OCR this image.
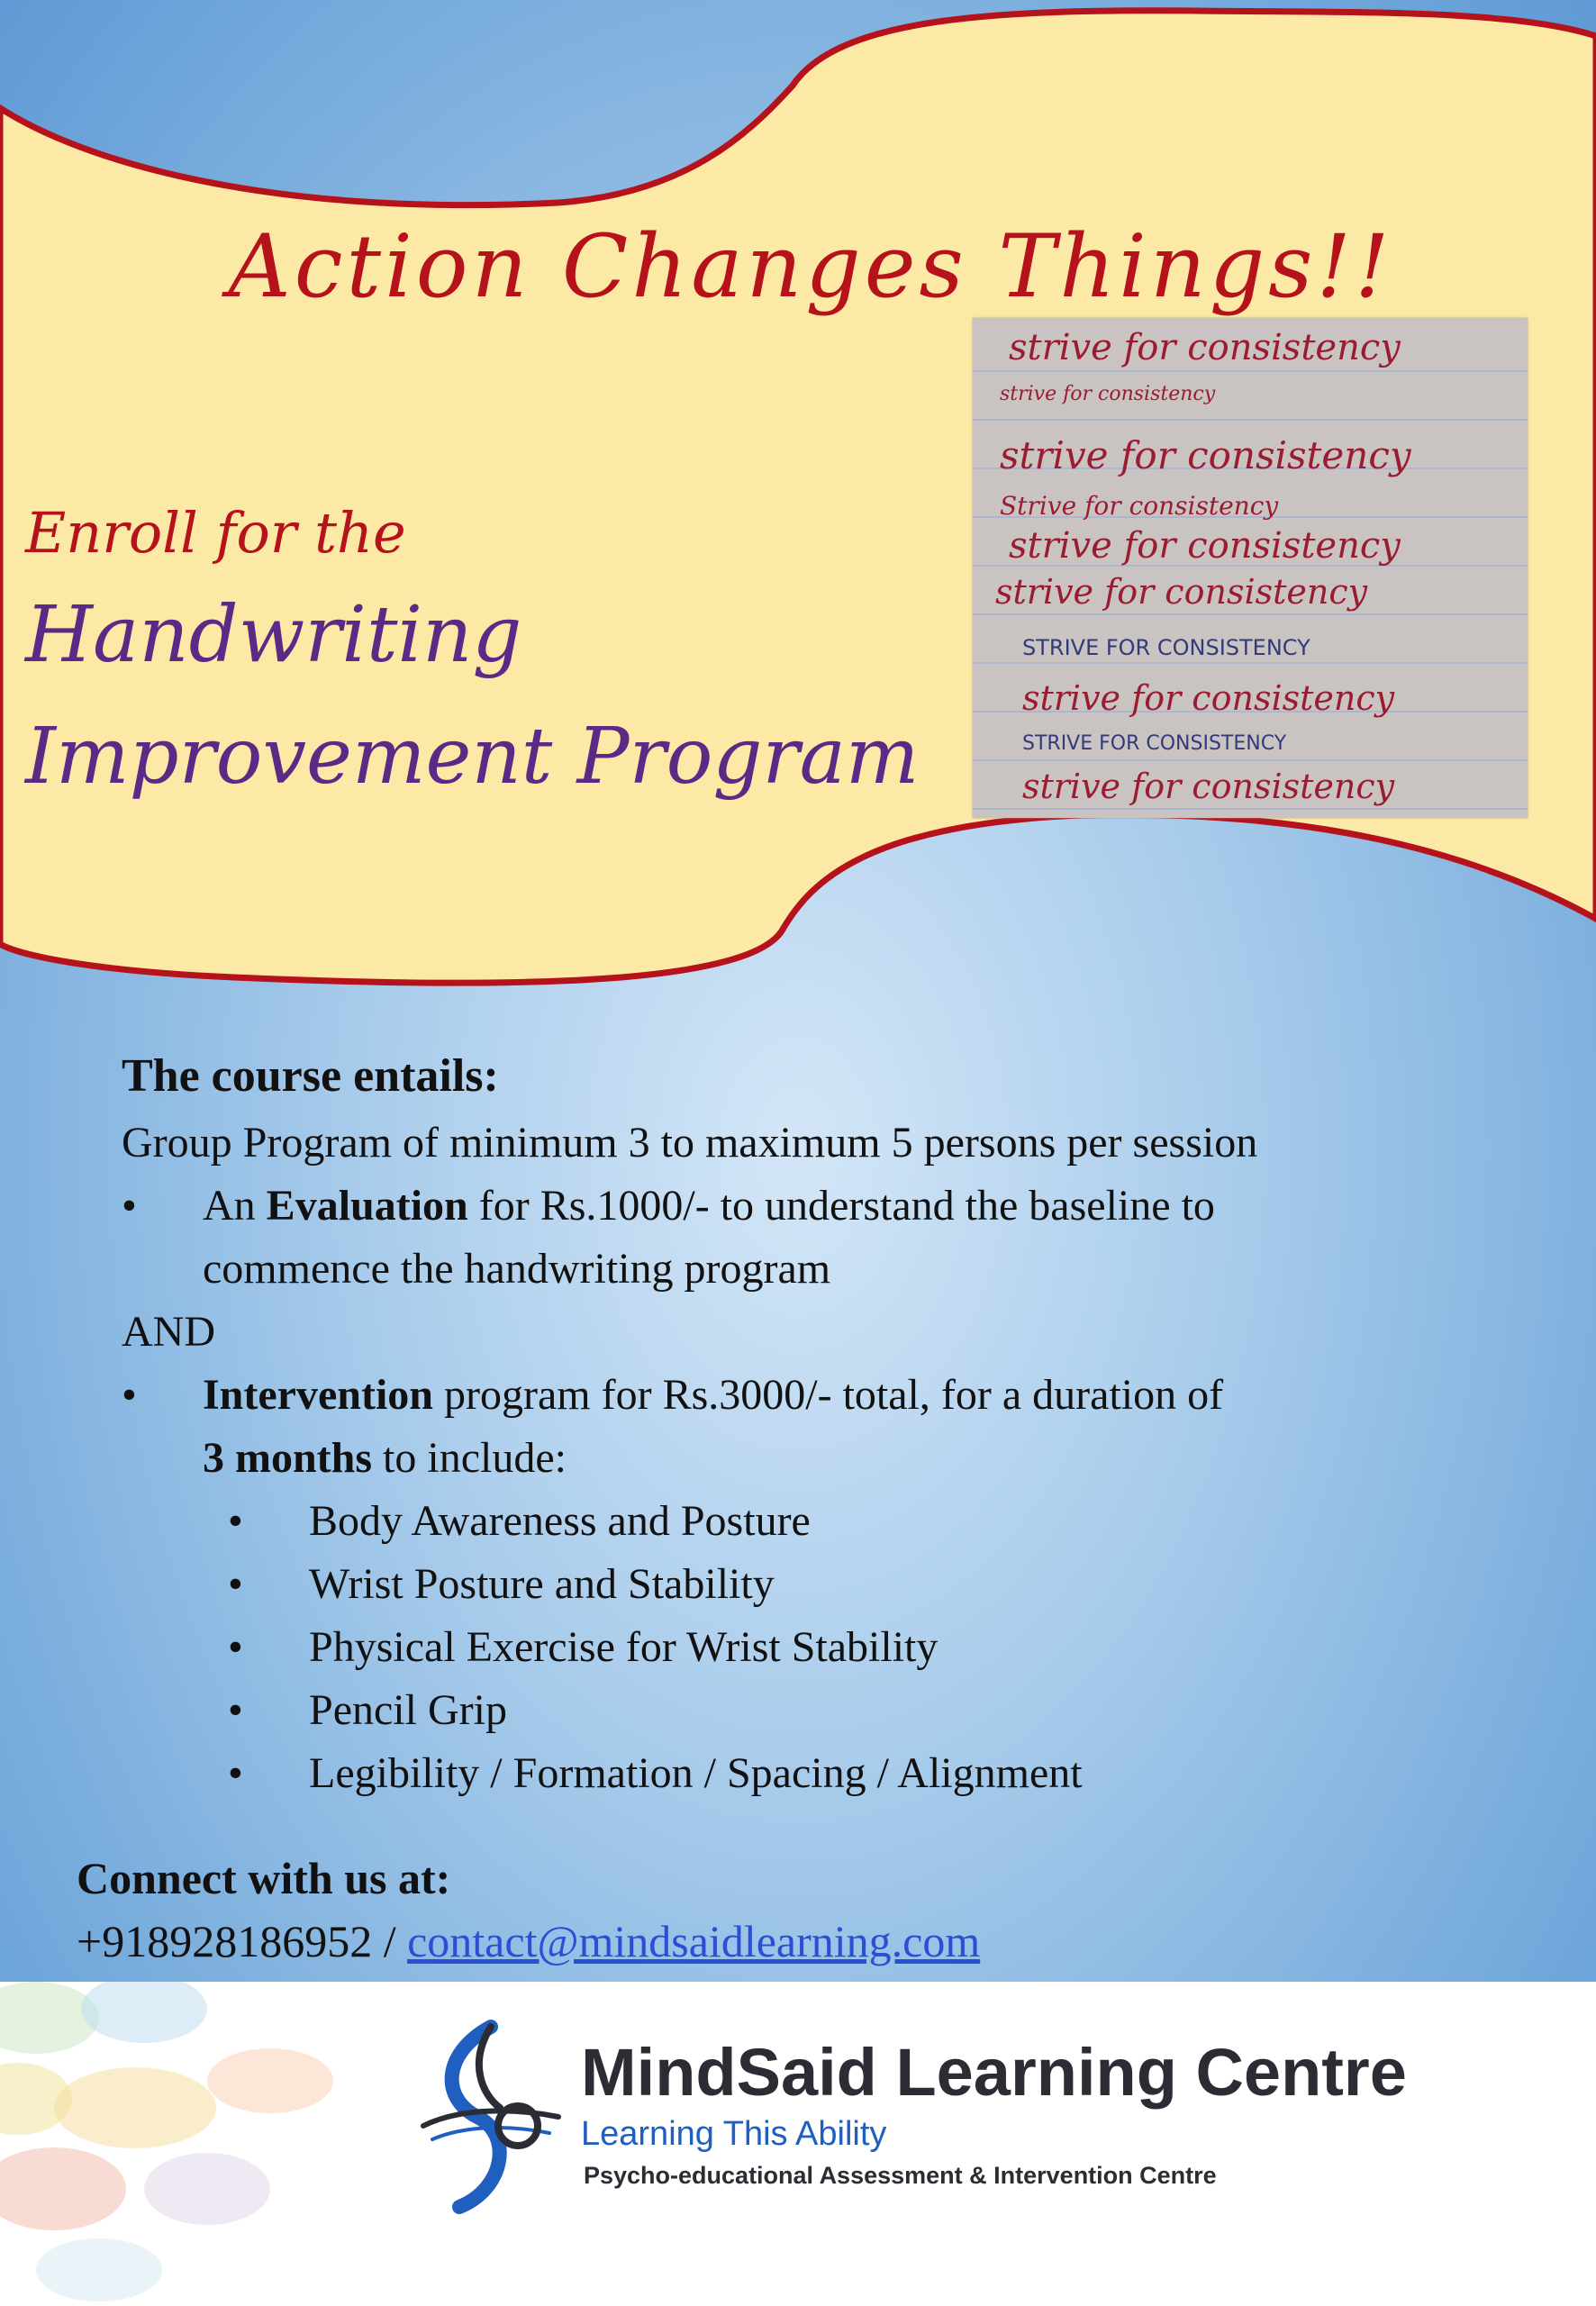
Action Changes Things!!
Enroll for the
Handwriting
Improvement Program
strive for consistency
strive for consistency
strive for consistency
Strive for consistency
strive for consistency
strive for consistency
STRIVE FOR CONSISTENCY
strive for consistency
STRIVE FOR CONSISTENCY
strive for consistency
The course entails:
Group Program of minimum 3 to maximum 5 persons per session
• An Evaluation for Rs.1000/- to understand the baseline to
commence the handwriting program
AND
• Intervention program for Rs.3000/- total, for a duration of
3 months to include:
• Body Awareness and Posture
• Wrist Posture and Stability
• Physical Exercise for Wrist Stability
• Pencil Grip
• Legibility / Formation / Spacing / Alignment
Connect with us at:
+918928186952 / contact@mindsaidlearning.com
MindSaid Learning Centre
Learning This Ability
Psycho-educational Assessment & Intervention Centre
